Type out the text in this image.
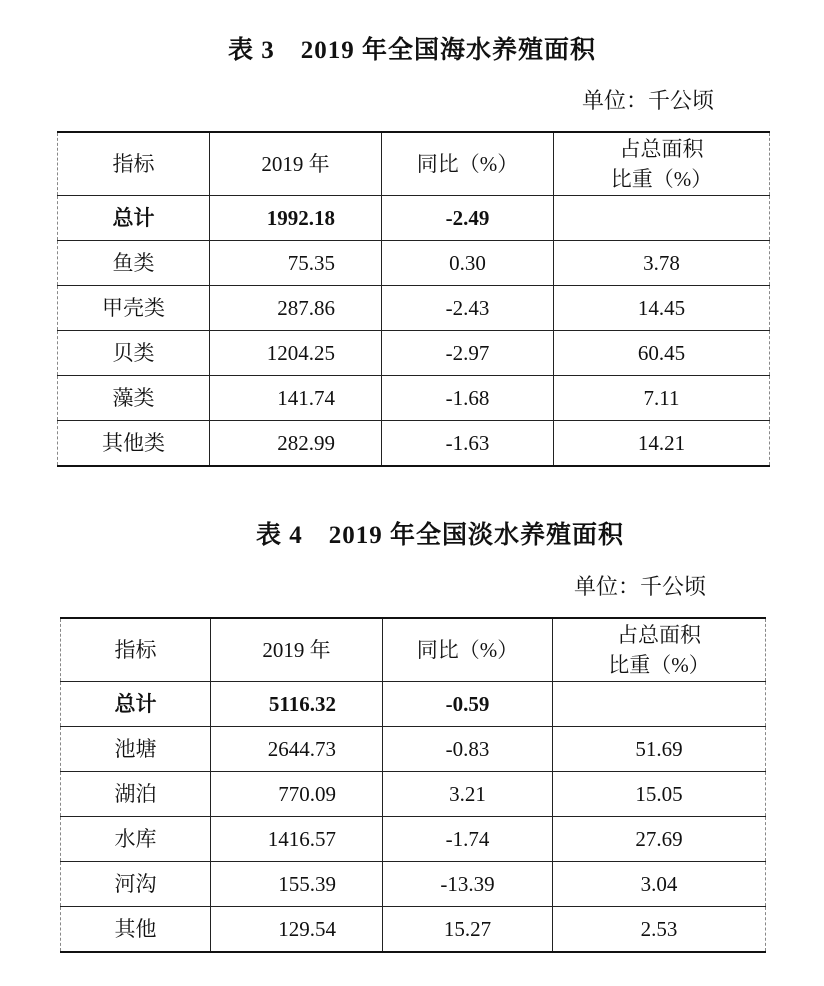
表 3　2019 年全国海水养殖面积
单位：千公顷
指标	2019 年	同比（%）	占总面积
比重（%）

总计	1992.18	-2.49	
鱼类	75.35	0.30	3.78
甲壳类	287.86	-2.43	14.45
贝类	1204.25	-2.97	60.45
藻类	141.74	-1.68	7.11
其他类	282.99	-1.63	14.21
表 4　2019 年全国淡水养殖面积
单位：千公顷
指标	2019 年	同比（%）	占总面积
比重（%）

总计	5116.32	-0.59	
池塘	2644.73	-0.83	51.69
湖泊	770.09	3.21	15.05
水库	1416.57	-1.74	27.69
河沟	155.39	-13.39	3.04
其他	129.54	15.27	2.53
